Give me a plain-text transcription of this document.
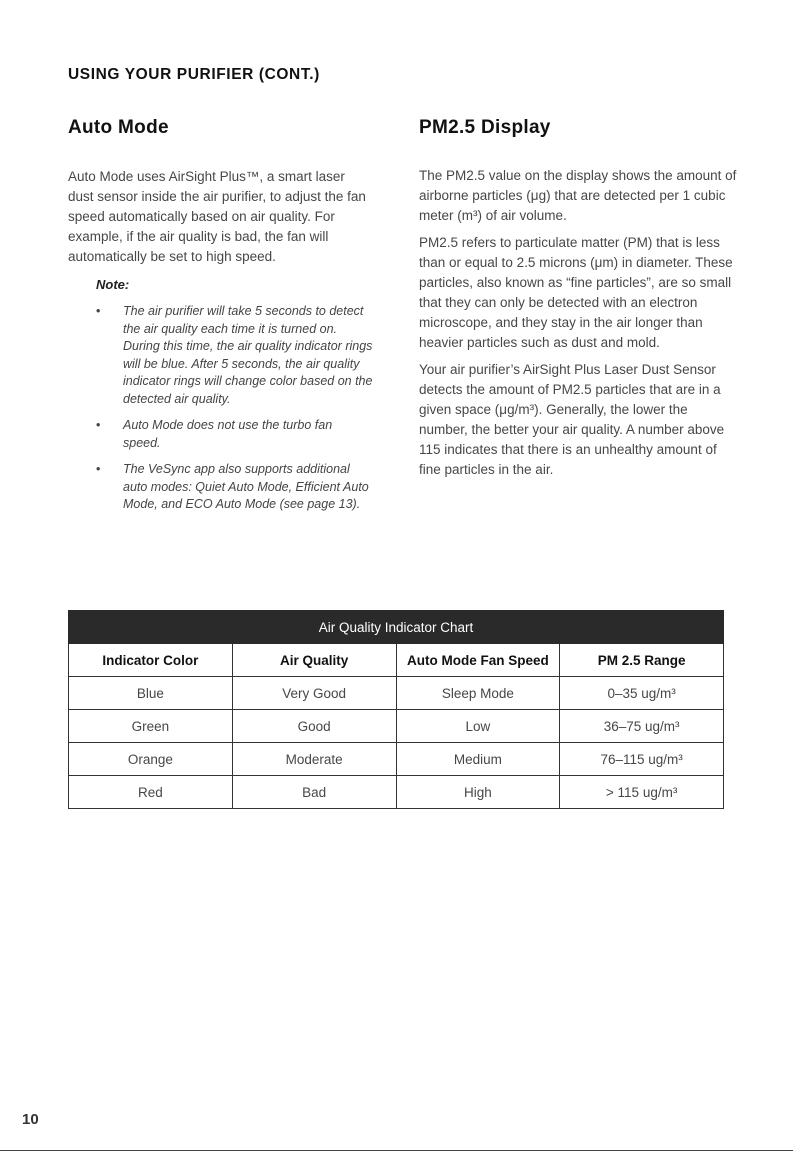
USING YOUR PURIFIER (CONT.)
Auto Mode

Auto Mode uses AirSight Plus™, a smart laser dust sensor inside the air purifier, to adjust the fan speed automatically based on air quality. For example, if the air quality is bad, the fan will automatically be set to high speed.

Note:
• The air purifier will take 5 seconds to detect the air quality each time it is turned on. During this time, the air quality indicator rings will be blue. After 5 seconds, the air quality indicator rings will change color based on the detected air quality.
• Auto Mode does not use the turbo fan speed.
• The VeSync app also supports additional auto modes: Quiet Auto Mode, Efficient Auto Mode, and ECO Auto Mode (see page 13).
PM2.5 Display

The PM2.5 value on the display shows the amount of airborne particles (μg) that are detected per 1 cubic meter (m³) of air volume.

PM2.5 refers to particulate matter (PM) that is less than or equal to 2.5 microns (μm) in diameter. These particles, also known as “fine particles”, are so small that they can only be detected with an electron microscope, and they stay in the air longer than heavier particles such as dust and mold.

Your air purifier’s AirSight Plus Laser Dust Sensor detects the amount of PM2.5 particles that are in a given space (μg/m³). Generally, the lower the number, the better your air quality. A number above 115 indicates that there is an unhealthy amount of fine particles in the air.

Air Quality Indicator Chart			
Indicator Color	Air Quality	Auto Mode Fan Speed	PM 2.5 Range
Blue	Very Good	Sleep Mode	0–35 ug/m³
Green	Good	Low	36–75 ug/m³
Orange	Moderate	Medium	76–115 ug/m³
Red	Bad	High	> 115 ug/m³
10
